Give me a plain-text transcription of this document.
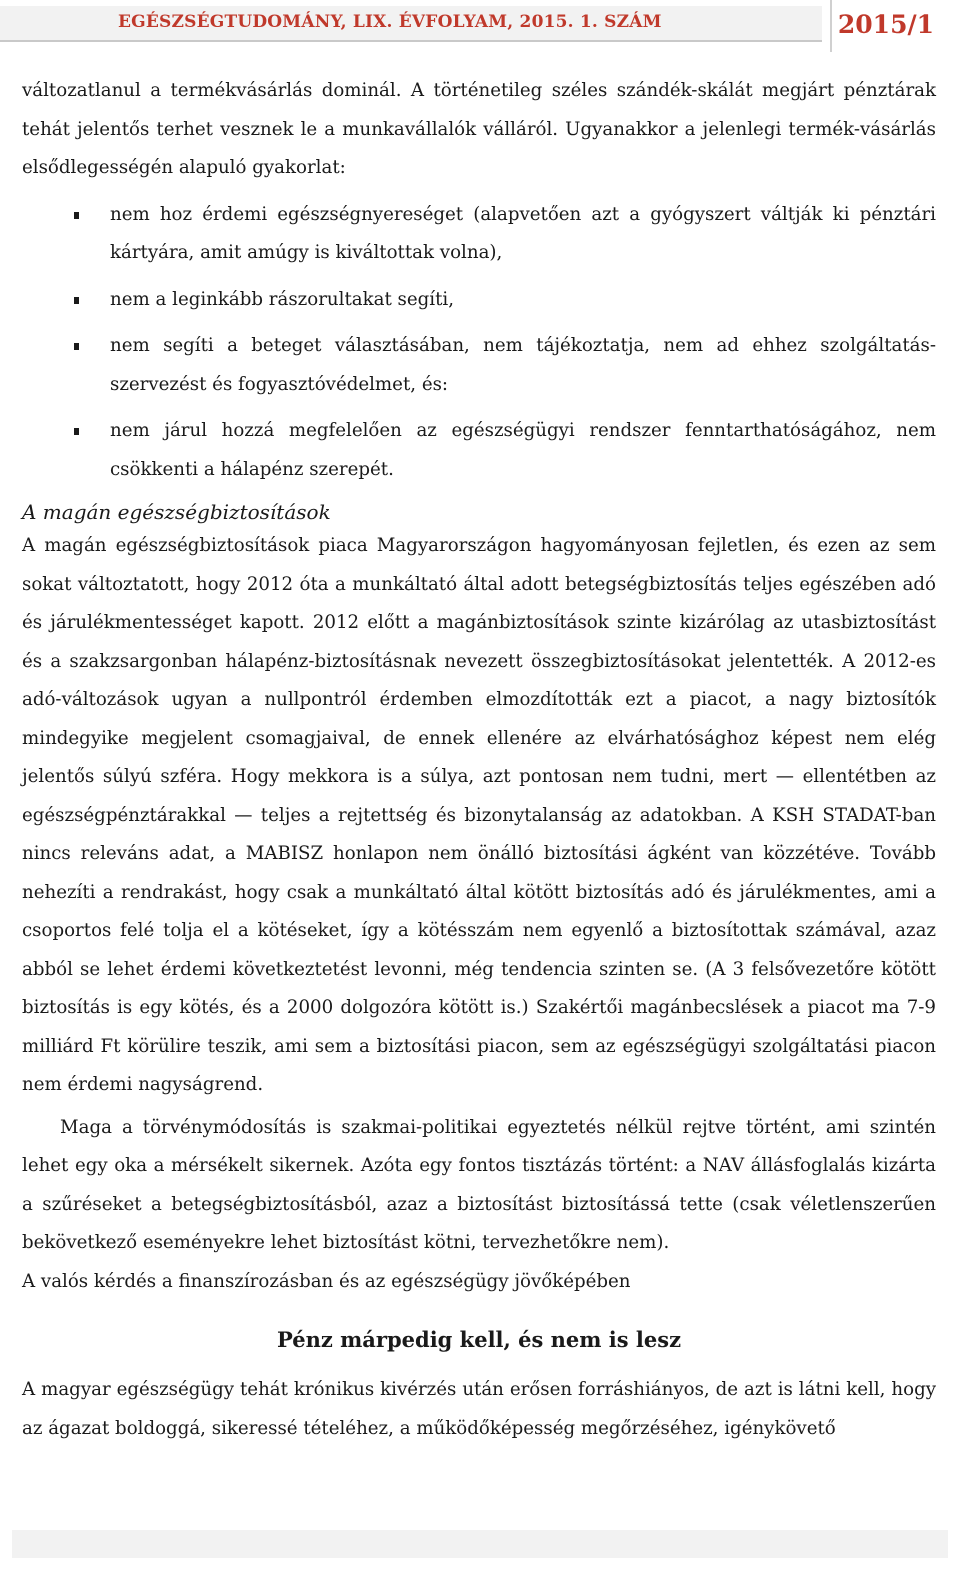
EGÉSZSÉGTUDOMÁNY, LIX. ÉVFOLYAM, 2015. 1. SZÁM	2015/1

változatlanul a termékvásárlás dominál. A történetileg széles szándék-skálát megjárt pénztárak tehát jelentős terhet vesznek le a munkavállalók válláról. Ugyanakkor a jelenlegi termék-vásárlás elsődlegességén alapuló gyakorlat:

nem hoz érdemi egészségnyereséget (alapvetően azt a gyógyszert váltják ki pénztári kártyára, amit amúgy is kiváltottak volna),
nem a leginkább rászorultakat segíti,
nem segíti a beteget választásában, nem tájékoztatja, nem ad ehhez szolgáltatás-szervezést és fogyasztóvédelmet, és:
nem járul hozzá megfelelően az egészségügyi rendszer fenntarthatóságához, nem csökkenti a hálapénz szerepét.

A magán egészségbiztosítások

A magán egészségbiztosítások piaca Magyarországon hagyományosan fejletlen, és ezen az sem sokat változtatott, hogy 2012 óta a munkáltató által adott betegségbiztosítás teljes egészében adó és járulékmentességet kapott. 2012 előtt a magánbiztosítások szinte kizárólag az utasbiztosítást és a szakzsargonban hálapénz-biztosításnak nevezett összegbiztosításokat jelentették. A 2012-es adó-változások ugyan a nullpontról érdemben elmozdították ezt a piacot, a nagy biztosítók mindegyike megjelent csomagjaival, de ennek ellenére az elvárhatósághoz képest nem elég jelentős súlyú szféra. Hogy mekkora is a súlya, azt pontosan nem tudni, mert — ellentétben az egészségpénztárakkal — teljes a rejtettség és bizonytalanság az adatokban. A KSH STADAT-ban nincs releváns adat, a MABISZ honlapon nem önálló biztosítási ágként van közzétéve. Tovább nehezíti a rendrakást, hogy csak a munkáltató által kötött biztosítás adó és járulékmentes, ami a csoportos felé tolja el a kötéseket, így a kötésszám nem egyenlő a biztosítottak számával, azaz abból se lehet érdemi következtetést levonni, még tendencia szinten se. (A 3 felsővezetőre kötött biztosítás is egy kötés, és a 2000 dolgozóra kötött is.) Szakértői magánbecslések a piacot ma 7-9 milliárd Ft körülire teszik, ami sem a biztosítási piacon, sem az egészségügyi szolgáltatási piacon nem érdemi nagyságrend.

Maga a törvénymódosítás is szakmai-politikai egyeztetés nélkül rejtve történt, ami szintén lehet egy oka a mérsékelt sikernek. Azóta egy fontos tisztázás történt: a NAV állásfoglalás kizárta a szűréseket a betegségbiztosításból, azaz a biztosítást biztosítássá tette (csak véletlenszerűen bekövetkező eseményekre lehet biztosítást kötni, tervezhetőkre nem).

A valós kérdés a finanszírozásban és az egészségügy jövőképében

Pénz márpedig kell, és nem is lesz

A magyar egészségügy tehát krónikus kivérzés után erősen forráshiányos, de azt is látni kell, hogy az ágazat boldoggá, sikeressé tételéhez, a működőképesség megőrzéséhez, igénykövető
